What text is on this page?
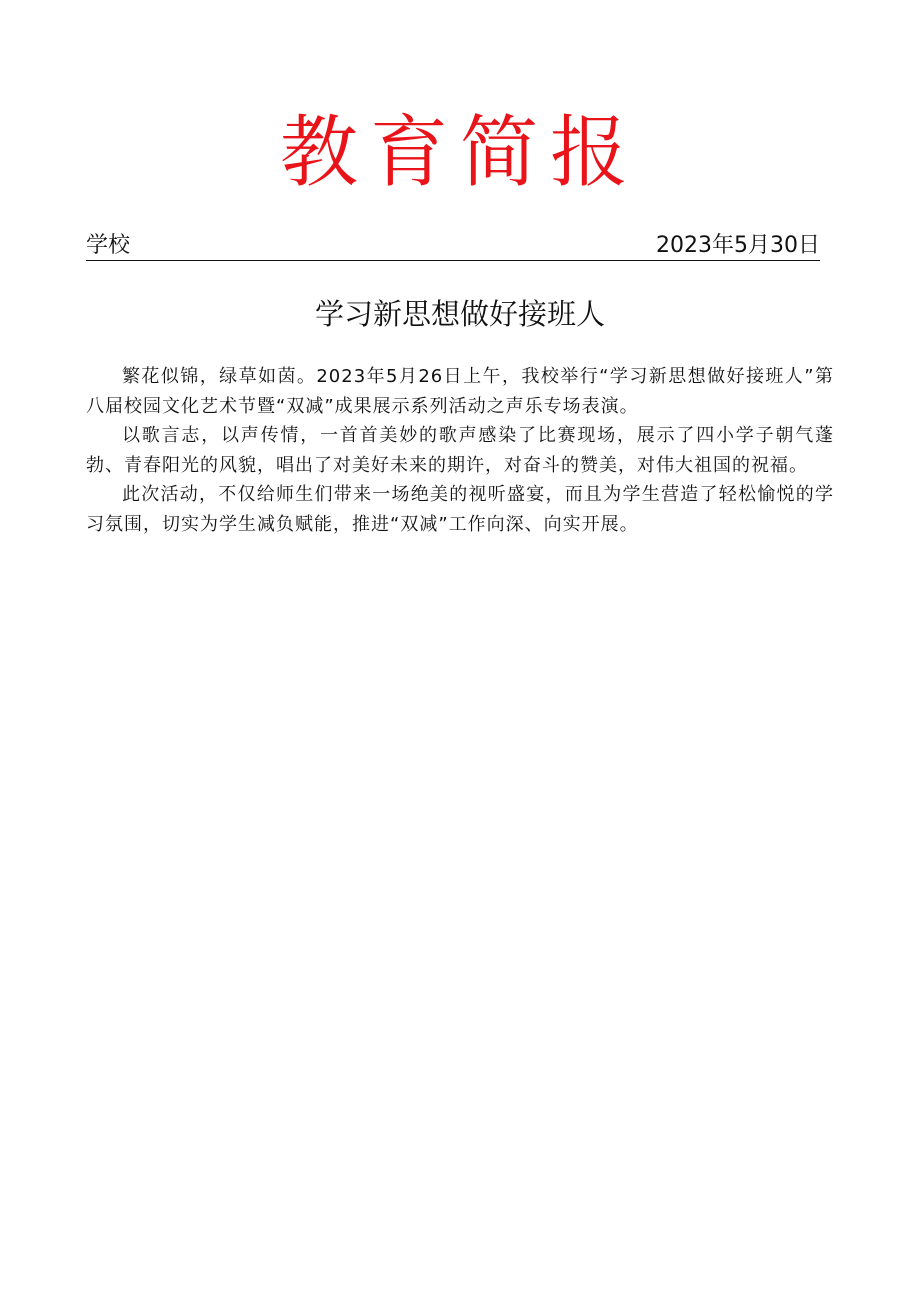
教育简报
学校	2023年5月30日
学习新思想做好接班人

繁花似锦，绿草如茵。2023年5月26日上午，我校举行“学习新思想做好接班人”第八届校园文化艺术节暨“双减”成果展示系列活动之声乐专场表演。

以歌言志，以声传情，一首首美妙的歌声感染了比赛现场，展示了四小学子朝气蓬勃、青春阳光的风貌，唱出了对美好未来的期许，对奋斗的赞美，对伟大祖国的祝福。

此次活动，不仅给师生们带来一场绝美的视听盛宴，而且为学生营造了轻松愉悦的学习氛围，切实为学生减负赋能，推进“双减”工作向深、向实开展。
